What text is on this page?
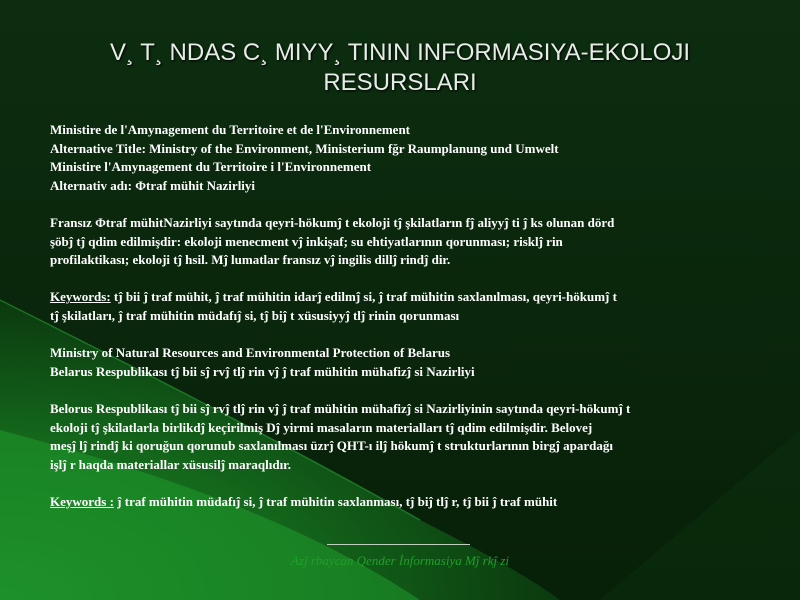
V¸ T¸ NDAS C¸ MIYY¸ TININ INFORMASIYA-EKOLOJI
RESURSLARI
Ministire de l'Amynagement du Territoire et de l'Environnement
Alternative Title: Ministry of the Environment, Ministerium fğr Raumplanung und Umwelt
Ministire l'Amynagement du Territoire i l'Environnement
Alternativ adı: Φtraf mühit Nazirliyi
Fransız Φtraf mühitNazirliyi saytında qeyri-hökumĵ t ekoloji tĵ şkilatların fĵ aliyyĵ ti ĵ ks olunan dörd
şöbĵ tĵ qdim edilmişdir: ekoloji menecment vĵ inkişaf; su ehtiyatlarının qorunması; risklĵ rin
profilaktikası; ekoloji tĵ hsil. Mĵ lumatlar fransız vĵ ingilis dillĵ rindĵ dir.
Keywords: tĵ bii ĵ traf mühit, ĵ traf mühitin idarĵ edilmĵ si, ĵ traf mühitin saxlanılması, qeyri-hökumĵ t
tĵ şkilatları, ĵ traf mühitin müdafıĵ si, tĵ biĵ t xüsusiyyĵ tlĵ rinin qorunması
Ministry of Natural Resources and Environmental Protection of Belarus
Belarus Respublikası tĵ bii sĵ rvĵ tlĵ rin vĵ ĵ traf mühitin mühafizĵ si Nazirliyi
Belorus Respublikası tĵ bii sĵ rvĵ tlĵ rin vĵ ĵ traf mühitin mühafizĵ si Nazirliyinin saytında qeyri-hökumĵ t
ekoloji tĵ şkilatlarla birlikdĵ keçirilmiş Dĵ yirmi masaların materialları tĵ qdim edilmişdir. Belovej
meşĵ lĵ rindĵ ki qoruğun qorunub saxlanılması üzrĵ QHT-ı ilĵ hökumĵ t strukturlarının birgĵ apardağı
işlĵ r haqda materiallar xüsusilĵ maraqlıdır.
Keywords : ĵ traf mühitin müdafıĵ si, ĵ traf mühitin saxlanması, tĵ biĵ tlĵ r, tĵ bii ĵ traf mühit
Azĵ rbaycan Qender İnformasiya Mĵ rkĵ zi
